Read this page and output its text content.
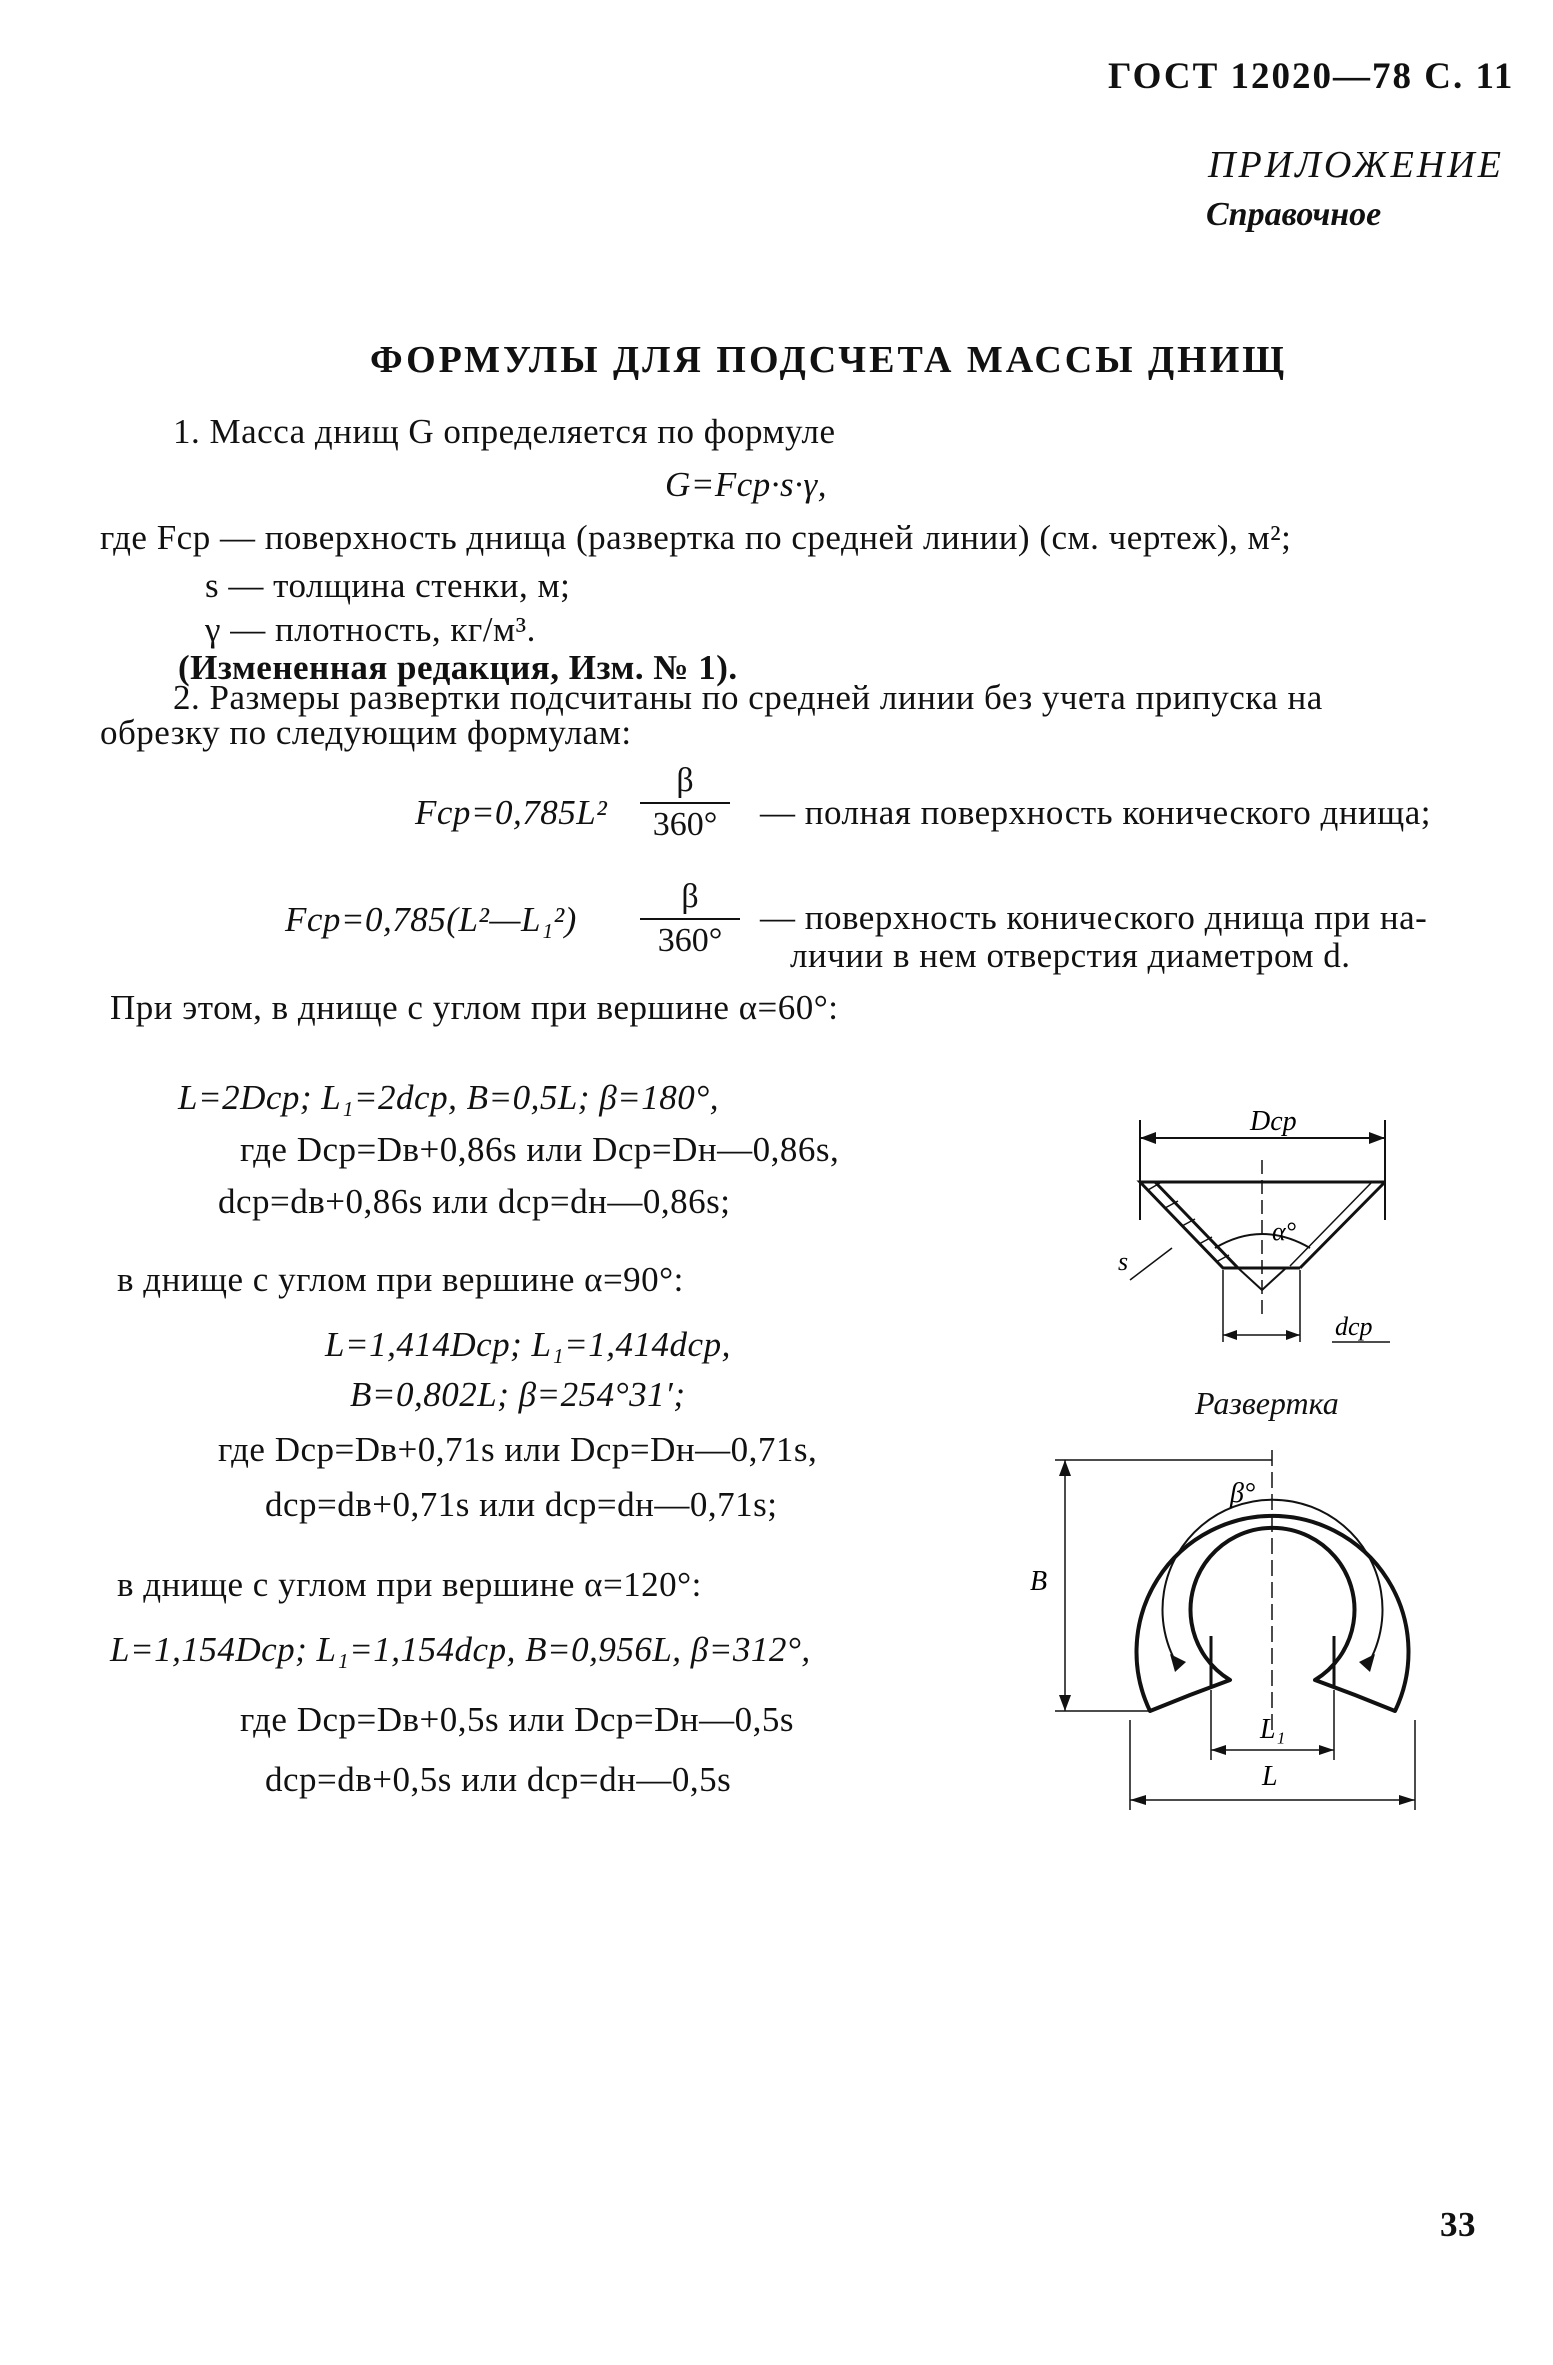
ГОСТ 12020—78 С. 11
ПРИЛОЖЕНИЕ
Справочное
ФОРМУЛЫ ДЛЯ ПОДСЧЕТА МАССЫ ДНИЩ
1. Масса днищ G определяется по формуле
G=Fср·s·γ,
где Fср — поверхность днища (развертка по средней линии) (см. чертеж), м²;
s — толщина стенки, м;
γ — плотность, кг/м³.
(Измененная редакция, Изм. № 1).
2. Размеры развертки подсчитаны по средней линии без учета припуска на
обрезку по следующим формулам:
$Fср=0,785L^2 \frac{\beta}{360^\circ}$ — полная поверхность конического днища;
Fср=0,785(L²—L₁²) $\frac{\beta}{360^\circ}$ — поверхность конического днища при на-
личии в нем отверстия диаметром d.
При этом, в днище с углом при вершине α=60°:
L=2Dср; L₁=2dср, B=0,5L; β=180°,
где Dср=Dв+0,86s или Dср=Dн—0,86s,
dср=dв+0,86s или dср=dн—0,86s;
в днище с углом при вершине α=90°:
L=1,414Dср; L₁=1,414dср,
B=0,802L; β=254°31′;
где Dср=Dв+0,71s или Dср=Dн—0,71s,
dср=dв+0,71s или dср=dн—0,71s;
в днище с углом при вершине α=120°:
L=1,154Dср; L₁=1,154dср, B=0,956L, β=312°,
где Dср=Dв+0,5s или Dср=Dн—0,5s
dср=dв+0,5s или dср=dн—0,5s
Dср
α°
s
dср
Развертка
β°
B
L₁
L
33
